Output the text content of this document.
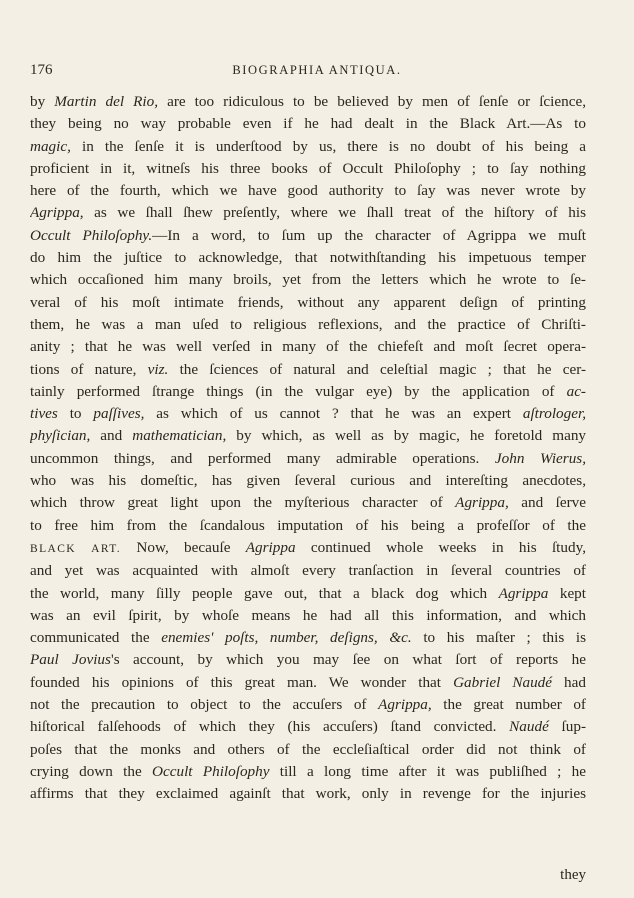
176	BIOGRAPHIA ANTIQUA.
by Martin del Rio, are too ridiculous to be believed by men of ſenſe or ſcience,
they being no way probable even if he had dealt in the Black Art.—As to
magic, in the ſenſe it is underſtood by us, there is no doubt of his being a
proficient in it, witneſs his three books of Occult Philoſophy ; to ſay nothing
here of the fourth, which we have good authority to ſay was never wrote by
Agrippa, as we ſhall ſhew preſently, where we ſhall treat of the hiſtory of his
Occult Philoſophy.—In a word, to ſum up the character of Agrippa we muſt
do him the juſtice to acknowledge, that notwithſtanding his impetuous temper
which occaſioned him many broils, yet from the letters which he wrote to ſe-
veral of his moſt intimate friends, without any apparent deſign of printing
them, he was a man uſed to religious reflexions, and the practice of Chriſti-
anity ; that he was well verſed in many of the chiefeſt and moſt ſecret opera-
tions of nature, viz. the ſciences of natural and celeſtial magic ; that he cer-
tainly performed ſtrange things (in the vulgar eye) by the application of ac-
tives to paſſives, as which of us cannot ? that he was an expert aſtrologer,
phyſician, and mathematician, by which, as well as by magic, he foretold many
uncommon things, and performed many admirable operations. John Wierus,
who was his domeſtic, has given ſeveral curious and intereſting anecdotes,
which throw great light upon the myſterious character of Agrippa, and ſerve
to free him from the ſcandalous imputation of his being a profeſſor of the
BLACK ART. Now, becauſe Agrippa continued whole weeks in his ſtudy,
and yet was acquainted with almoſt every tranſaction in ſeveral countries of
the world, many ſilly people gave out, that a black dog which Agrippa kept
was an evil ſpirit, by whoſe means he had all this information, and which
communicated the enemies' poſts, number, deſigns, &c. to his maſter ; this is
Paul Jovius's account, by which you may ſee on what ſort of reports he
founded his opinions of this great man. We wonder that Gabriel Naudé had
not the precaution to object to the accuſers of Agrippa, the great number of
hiſtorical falſehoods of which they (his accuſers) ſtand convicted. Naudé ſup-
poſes that the monks and others of the eccleſiaſtical order did not think of
crying down the Occult Philoſophy till a long time after it was publiſhed ; he
affirms that they exclaimed againſt that work, only in revenge for the injuries
they
